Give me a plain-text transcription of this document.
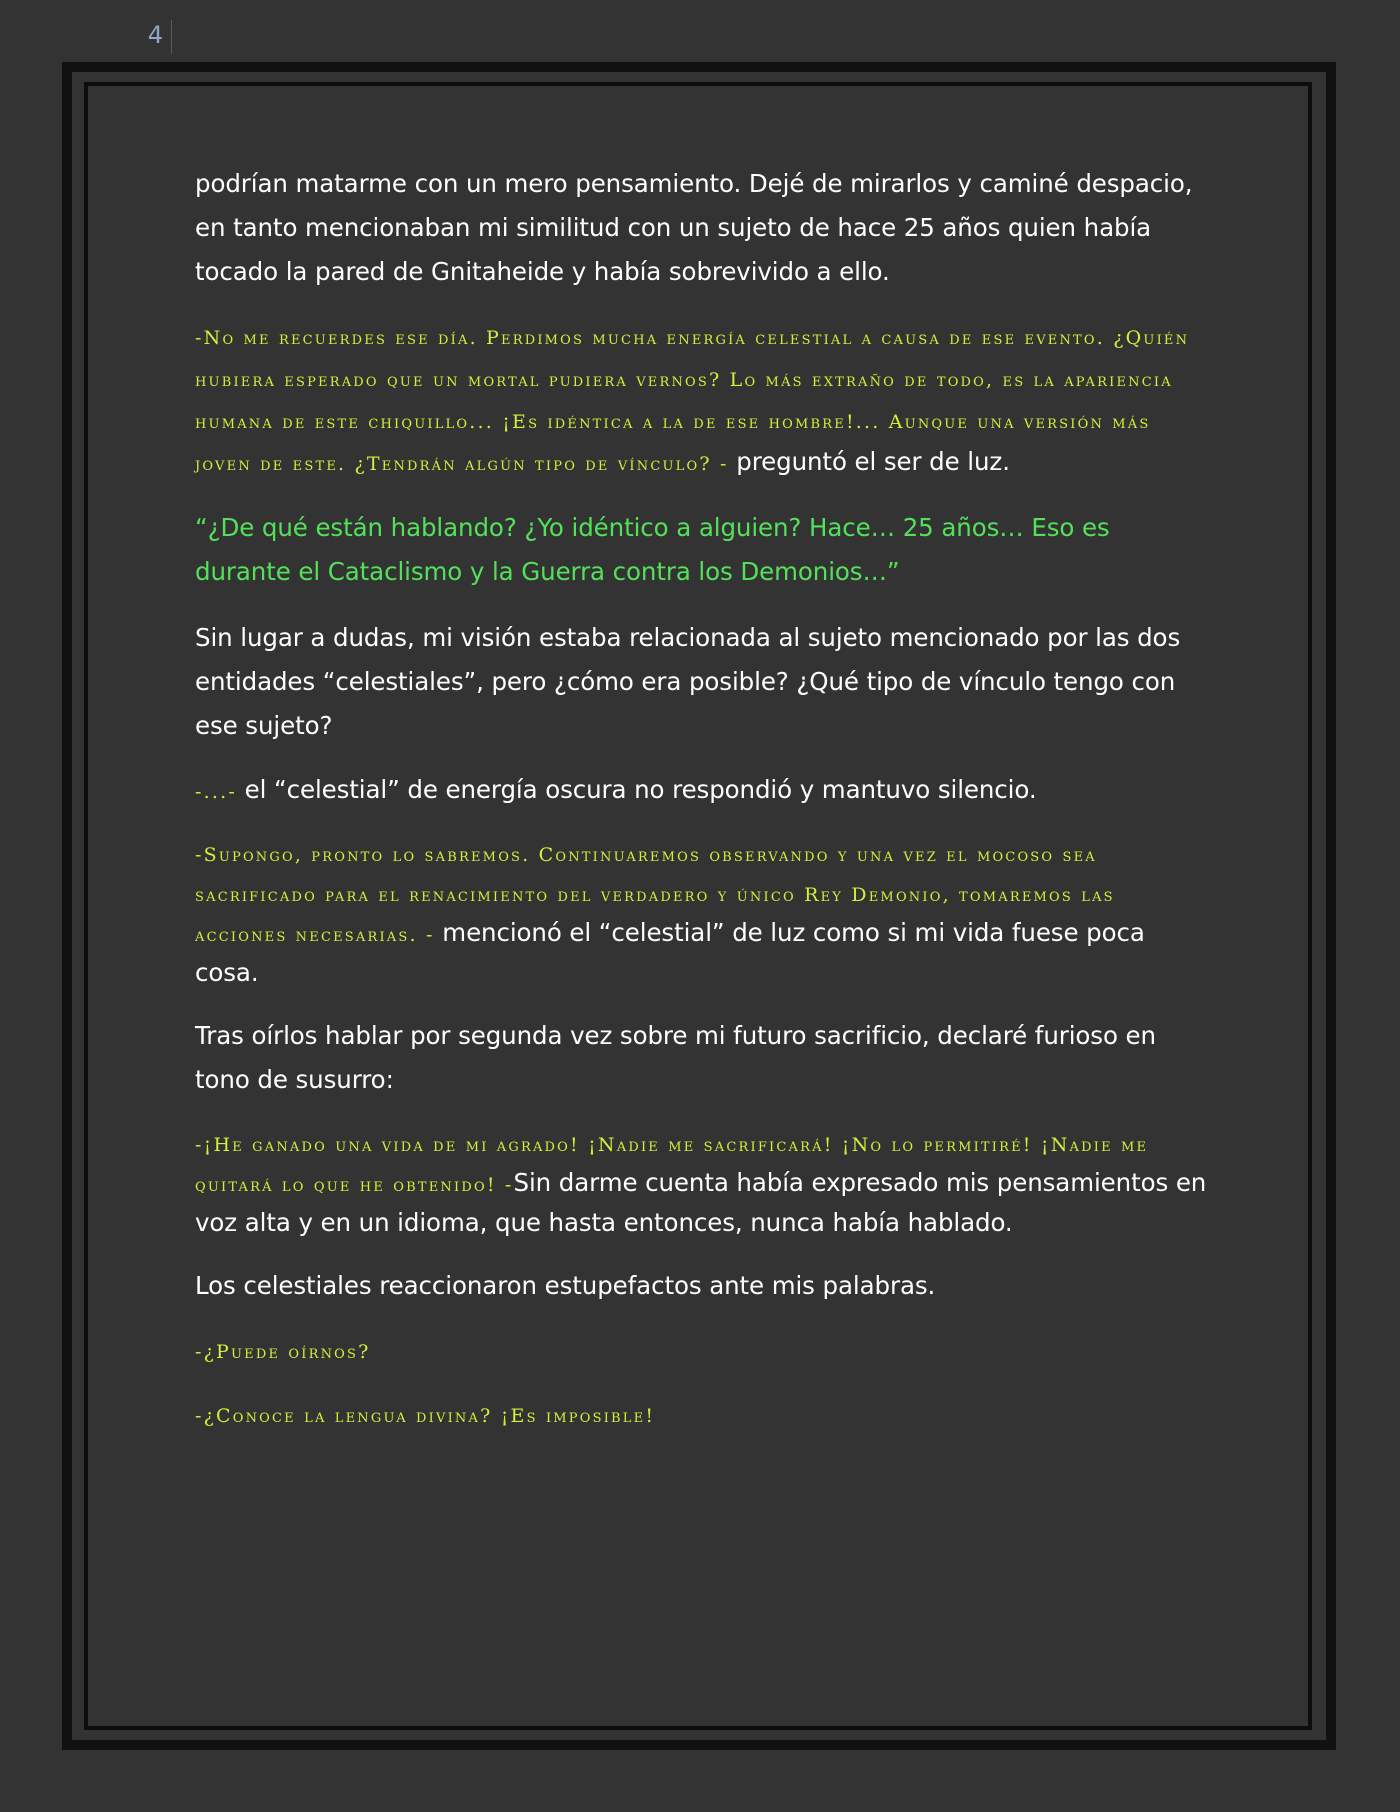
4

podrían matarme con un mero pensamiento. Dejé de mirarlos y caminé despacio, en tanto mencionaban mi similitud con un sujeto de hace 25 años quien había tocado la pared de Gnitaheide y había sobrevivido a ello.

-No me recuerdes ese día. Perdimos mucha energía celestial a causa de ese evento. ¿Quién hubiera esperado que un mortal pudiera vernos? Lo más extraño de todo, es la apariencia humana de este chiquillo... ¡Es idéntica a la de ese hombre!... Aunque una versión más joven de este. ¿Tendrán algún tipo de vínculo? - preguntó el ser de luz.

“¿De qué están hablando? ¿Yo idéntico a alguien? Hace… 25 años… Eso es durante el Cataclismo y la Guerra contra los Demonios…”

Sin lugar a dudas, mi visión estaba relacionada al sujeto mencionado por las dos entidades “celestiales”, pero ¿cómo era posible? ¿Qué tipo de vínculo tengo con ese sujeto?

-...- el “celestial” de energía oscura no respondió y mantuvo silencio.

-Supongo, pronto lo sabremos. Continuaremos observando y una vez el mocoso sea sacrificado para el renacimiento del verdadero y único Rey Demonio, tomaremos las acciones necesarias. - mencionó el “celestial” de luz como si mi vida fuese poca cosa.

Tras oírlos hablar por segunda vez sobre mi futuro sacrificio, declaré furioso en tono de susurro:

-¡He ganado una vida de mi agrado! ¡Nadie me sacrificará! ¡No lo permitiré! ¡Nadie me quitará lo que he obtenido! -Sin darme cuenta había expresado mis pensamientos en voz alta y en un idioma, que hasta entonces, nunca había hablado.

Los celestiales reaccionaron estupefactos ante mis palabras.

-¿Puede oírnos?

-¿Conoce la lengua divina? ¡Es imposible!
